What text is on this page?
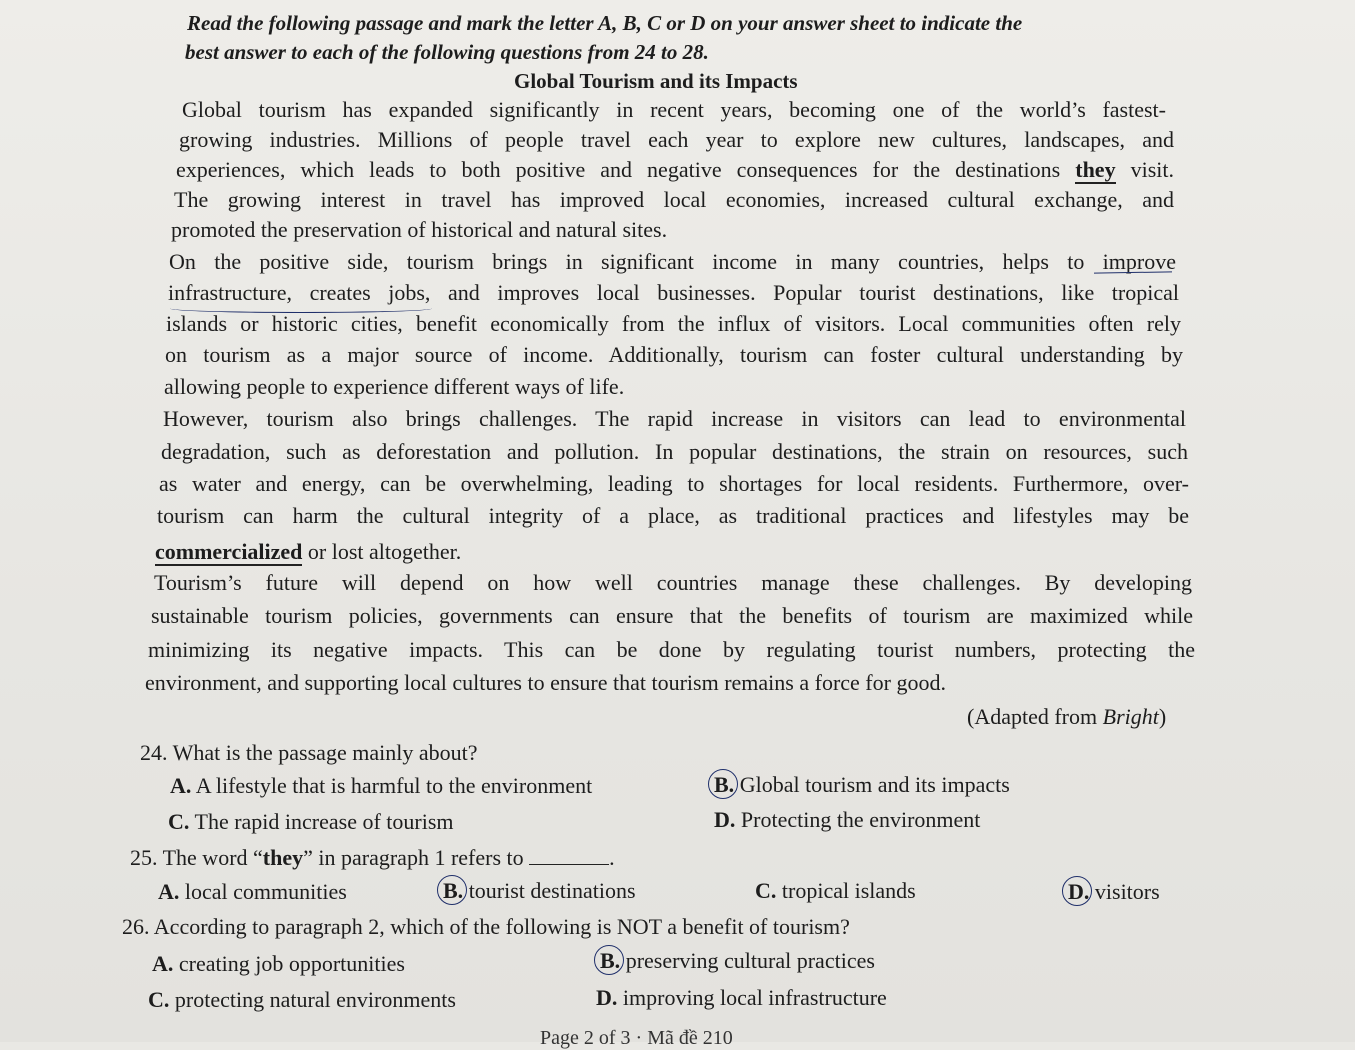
Read the following passage and mark the letter A, B, C or D on your answer sheet to indicate the
best answer to each of the following questions from 24 to 28.
Global Tourism and its Impacts
Global tourism has expanded significantly in recent years, becoming one of the world’s fastest-
growing industries. Millions of people travel each year to explore new cultures, landscapes, and
experiences, which leads to both positive and negative consequences for the destinations they visit.
The growing interest in travel has improved local economies, increased cultural exchange, and
promoted the preservation of historical and natural sites.
On the positive side, tourism brings in significant income in many countries, helps to improve
infrastructure, creates jobs, and improves local businesses. Popular tourist destinations, like tropical
islands or historic cities, benefit economically from the influx of visitors. Local communities often rely
on tourism as a major source of income. Additionally, tourism can foster cultural understanding by
allowing people to experience different ways of life.
However, tourism also brings challenges. The rapid increase in visitors can lead to environmental
degradation, such as deforestation and pollution. In popular destinations, the strain on resources, such
as water and energy, can be overwhelming, leading to shortages for local residents. Furthermore, over-
tourism can harm the cultural integrity of a place, as traditional practices and lifestyles may be
commercialized or lost altogether.
Tourism’s future will depend on how well countries manage these challenges. By developing
sustainable tourism policies, governments can ensure that the benefits of tourism are maximized while
minimizing its negative impacts. This can be done by regulating tourist numbers, protecting the
environment, and supporting local cultures to ensure that tourism remains a force for good.
(Adapted from Bright)
24. What is the passage mainly about?
A. A lifestyle that is harmful to the environment	B. Global tourism and its impacts
C. The rapid increase of tourism	D. Protecting the environment
25. The word “they” in paragraph 1 refers to	.
A. local communities	B. tourist destinations	C. tropical islands	D. visitors
26. According to paragraph 2, which of the following is NOT a benefit of tourism?
A. creating job opportunities	B. preserving cultural practices
C. protecting natural environments	D. improving local infrastructure
Page 2 of 3 · Mã đề 210
